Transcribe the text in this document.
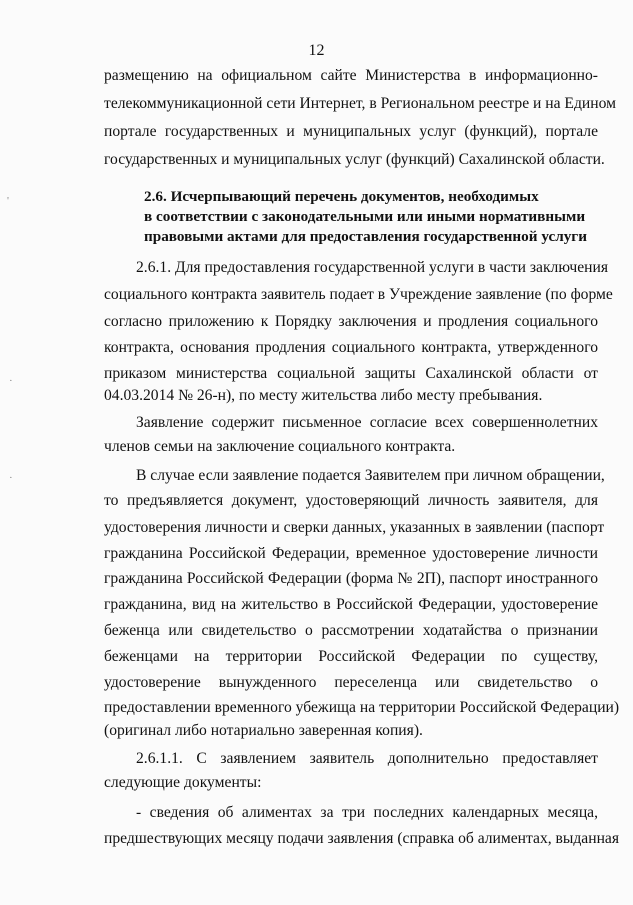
12
размещению на официальном сайте Министерства в информационно-
телекоммуникационной сети Интернет, в Региональном реестре и на Едином
портале государственных и муниципальных услуг (функций), портале
государственных и муниципальных услуг (функций) Сахалинской области.
2.6. Исчерпывающий перечень документов, необходимых
в соответствии с законодательными или иными нормативными
правовыми актами для предоставления государственной услуги
2.6.1. Для предоставления государственной услуги в части заключения
социального контракта заявитель подает в Учреждение заявление (по форме
согласно приложению к Порядку заключения и продления социального
контракта, основания продления социального контракта, утвержденного
приказом министерства социальной защиты Сахалинской области от
04.03.2014 № 26-н), по месту жительства либо месту пребывания.
Заявление содержит письменное согласие всех совершеннолетних
членов семьи на заключение социального контракта.
В случае если заявление подается Заявителем при личном обращении,
то предъявляется документ, удостоверяющий личность заявителя, для
удостоверения личности и сверки данных, указанных в заявлении (паспорт
гражданина Российской Федерации, временное удостоверение личности
гражданина Российской Федерации (форма № 2П), паспорт иностранного
гражданина, вид на жительство в Российской Федерации, удостоверение
беженца или свидетельство о рассмотрении ходатайства о признании
беженцами на территории Российской Федерации по существу,
удостоверение вынужденного переселенца или свидетельство о
предоставлении временного убежища на территории Российской Федерации)
(оригинал либо нотариально заверенная копия).
2.6.1.1. С заявлением заявитель дополнительно предоставляет
следующие документы:
- сведения об алиментах за три последних календарных месяца,
предшествующих месяцу подачи заявления (справка об алиментах, выданная
'
·
·
